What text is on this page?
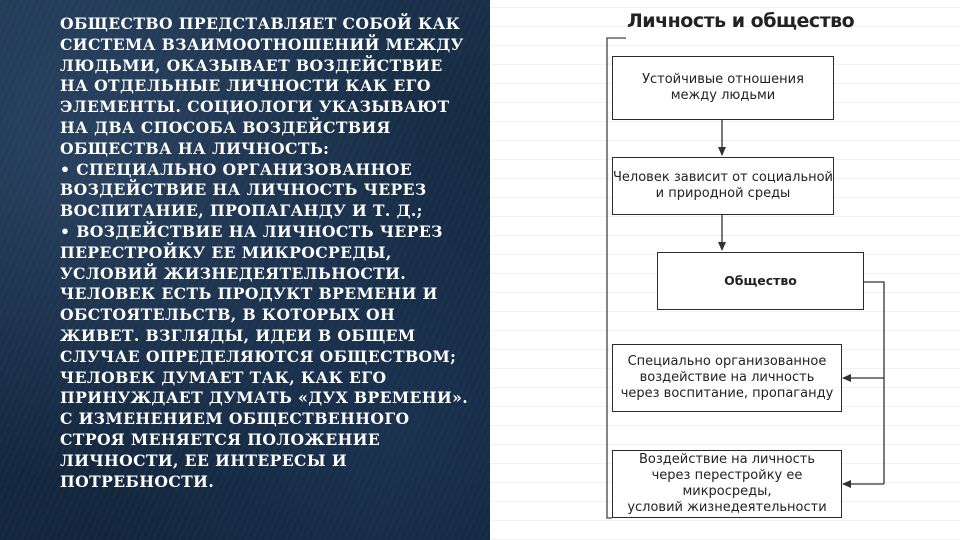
ОБЩЕСТВО ПРЕДСТАВЛЯЕТ СОБОЙ КАК
СИСТЕМА ВЗАИМООТНОШЕНИЙ МЕЖДУ
ЛЮДЬМИ, ОКАЗЫВАЕТ ВОЗДЕЙСТВИЕ
НА ОТДЕЛЬНЫЕ ЛИЧНОСТИ КАК ЕГО
ЭЛЕМЕНТЫ. СОЦИОЛОГИ УКАЗЫВАЮТ
НА ДВА СПОСОБА ВОЗДЕЙСТВИЯ
ОБЩЕСТВА НА ЛИЧНОСТЬ:
• СПЕЦИАЛЬНО ОРГАНИЗОВАННОЕ
ВОЗДЕЙСТВИЕ НА ЛИЧНОСТЬ ЧЕРЕЗ
ВОСПИТАНИЕ, ПРОПАГАНДУ И Т. Д.;
• ВОЗДЕЙСТВИЕ НА ЛИЧНОСТЬ ЧЕРЕЗ
ПЕРЕСТРОЙКУ ЕЕ МИКРОСРЕДЫ,
УСЛОВИЙ ЖИЗНЕДЕЯТЕЛЬНОСТИ.
ЧЕЛОВЕК ЕСТЬ ПРОДУКТ ВРЕМЕНИ И
ОБСТОЯТЕЛЬСТВ, В КОТОРЫХ ОН
ЖИВЕТ. ВЗГЛЯДЫ, ИДЕИ В ОБЩЕМ
СЛУЧАЕ ОПРЕДЕЛЯЮТСЯ ОБЩЕСТВОМ;
ЧЕЛОВЕК ДУМАЕТ ТАК, КАК ЕГО
ПРИНУЖДАЕТ ДУМАТЬ «ДУХ ВРЕМЕНИ».
С ИЗМЕНЕНИЕМ ОБЩЕСТВЕННОГО
СТРОЯ МЕНЯЕТСЯ ПОЛОЖЕНИЕ
ЛИЧНОСТИ, ЕЕ ИНТЕРЕСЫ И
ПОТРЕБНОСТИ.

Личность и общество
Устойчивые отношения
между людьми
Человек зависит от социальной
и природной среды
Общество
Специально организованное
воздействие на личность
через воспитание, пропаганду
Воздействие на личность
через перестройку ее микросреды,
условий жизнедеятельности
